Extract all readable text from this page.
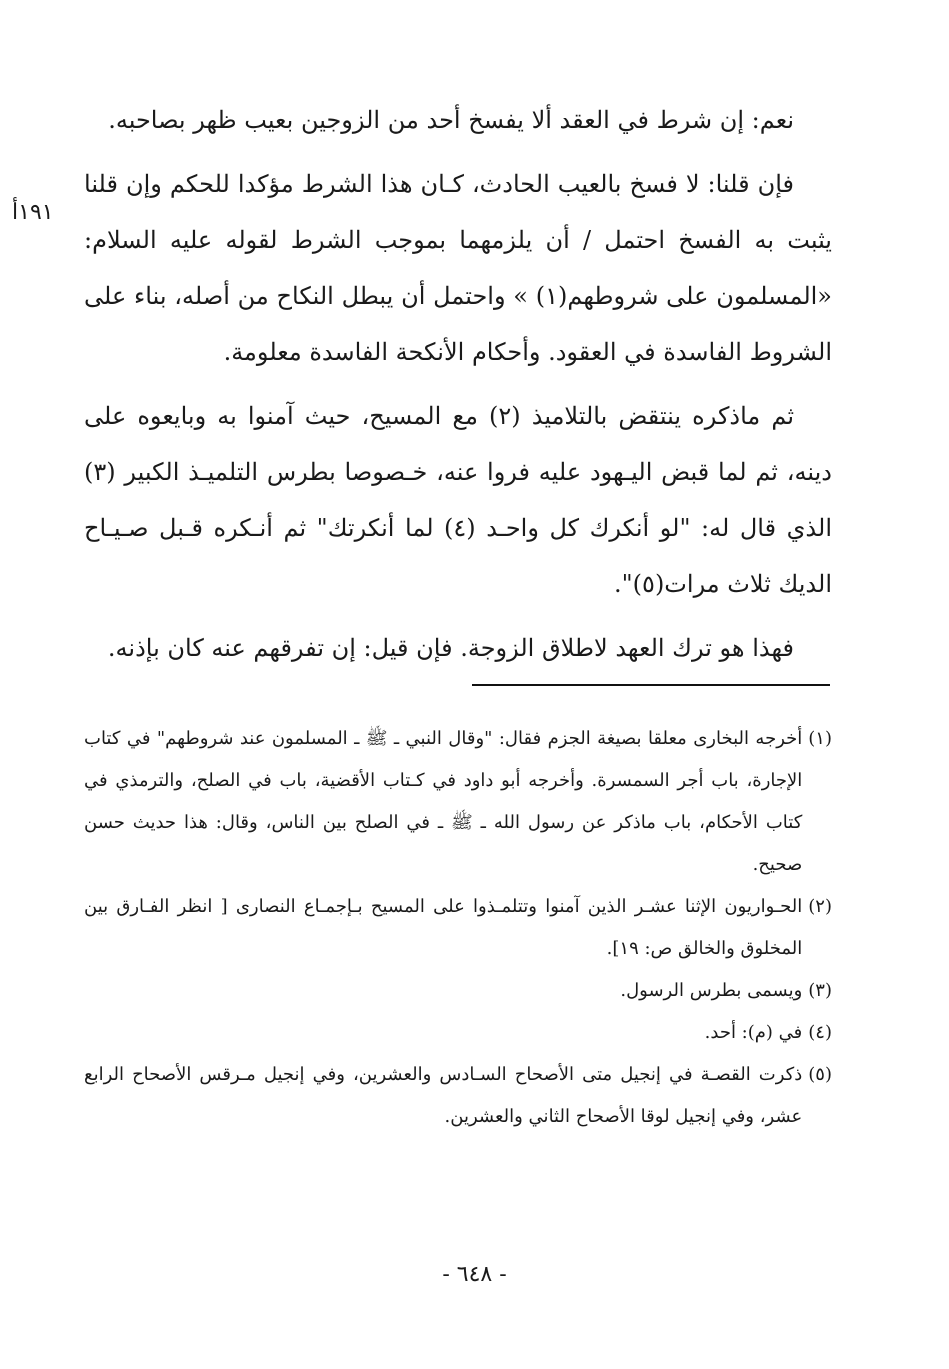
١٩١أ

نعم: إن شرط في العقد ألا يفسخ أحد من الزوجين بعيب ظهر بصاحبه.

فإن قلنا: لا فسخ بالعيب الحادث، كـان هذا الشرط مؤكدا للحكم وإن قلنا يثبت به الفسخ احتمل / أن يلزمهما بموجب الشرط لقوله عليه السلام: «المسلمون على شروطهم(١) » واحتمل أن يبطل النكاح من أصله، بناء على الشروط الفاسدة في العقود. وأحكام الأنكحة الفاسدة معلومة.

ثم ماذكره ينتقض بالتلاميذ (٢) مع المسيح، حيث آمنوا به وبايعوه على دينه، ثم لما قبض اليـهود عليه فروا عنه، خـصوصا بطرس التلميـذ الكبير (٣) الذي قال له: "لو أنكرك كل واحـد (٤) لما أنكرتك" ثم أنـكره قـبل صـيـاح الديك ثلاث مرات(٥)".

فهذا هو ترك العهد لاطلاق الزوجة. فإن قيل: إن تفرقهم عنه كان بإذنه.

(١)
أخرجه البخارى معلقا بصيغة الجزم فقال: "وقال النبي ـ ﷺ ـ المسلمون عند شروطهم" في كتاب الإجارة، باب أجر السمسرة. وأخرجه أبو داود في كـتاب الأقضية، باب في الصلح، والترمذي في كتاب الأحكام، باب ماذكر عن رسول الله ـ ﷺ ـ في الصلح بين الناس، وقال: هذا حديث حسن صحيح.
(٢)
الحـواريون الإثنا عشـر الذين آمنوا وتتلمـذوا على المسيح بـإجمـاع النصارى [ انظر الفـارق بين المخلوق والخالق ص: ١٩].
(٣)
ويسمى بطرس الرسول.
(٤)
في (م): أحد.
(٥)
ذكرت القصـة في إنجيل متى الأصحاح السـادس والعشرين، وفي إنجيل مـرقس الأصحاح الرابع عشر، وفي إنجيل لوقا الأصحاح الثاني والعشرين.
- ٦٤٨ -
